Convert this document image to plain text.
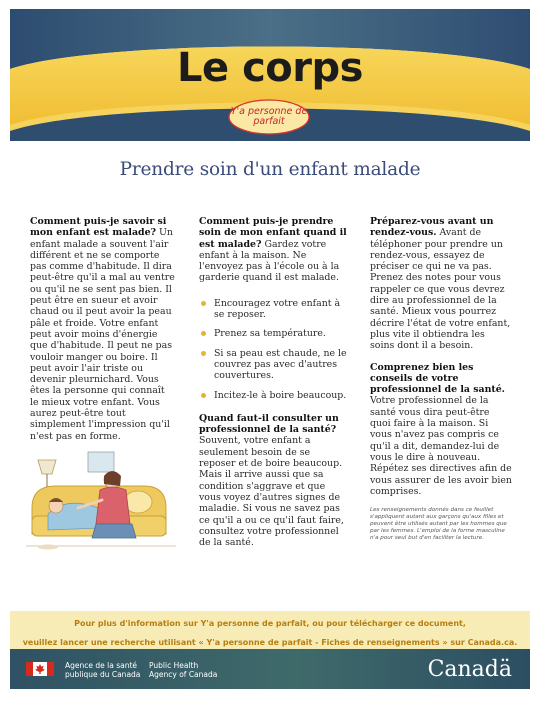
Le corps
Y'a personne de parfait
Prendre soin d'un enfant malade

Comment puis-je savoir si mon enfant est malade? Un enfant malade a souvent l'air différent et ne se comporte pas comme d'habitude. Il dira peut-être qu'il a mal au ventre ou qu'il ne se sent pas bien. Il peut être en sueur et avoir chaud ou il peut avoir la peau pâle et froide. Votre enfant peut avoir moins d'énergie que d'habitude. Il peut ne pas vouloir manger ou boire. Il peut avoir l'air triste ou devenir pleurnichard. Vous êtes la personne qui connaît le mieux votre enfant. Vous aurez peut-être tout simplement l'impression qu'il n'est pas en forme.

Comment puis-je prendre soin de mon enfant quand il est malade? Gardez votre enfant à la maison. Ne l'envoyez pas à l'école ou à la garderie quand il est malade.

Encouragez votre enfant à se reposer.
Prenez sa température.
Si sa peau est chaude, ne le couvrez pas avec d'autres couvertures.
Incitez-le à boire beaucoup.

Quand faut-il consulter un professionnel de la santé? Souvent, votre enfant a seulement besoin de se reposer et de boire beaucoup. Mais il arrive aussi que sa condition s'aggrave et que vous voyez d'autres signes de maladie. Si vous ne savez pas ce qu'il a ou ce qu'il faut faire, consultez votre professionnel de la santé.

Préparez-vous avant un rendez-vous. Avant de téléphoner pour prendre un rendez-vous, essayez de préciser ce qui ne va pas. Prenez des notes pour vous rappeler ce que vous devrez dire au professionnel de la santé. Mieux vous pourrez décrire l'état de votre enfant, plus vite il obtiendra les soins dont il a besoin.

Comprenez bien les conseils de votre professionnel de la santé. Votre professionnel de la santé vous dira peut-être quoi faire à la maison. Si vous n'avez pas compris ce qu'il a dit, demandez-lui de vous le dire à nouveau. Répétez ses directives afin de vous assurer de les avoir bien comprises.

Les renseignements donnés dans ce feuillet s'appliquent autant aux garçons qu'aux filles et peuvent être utilisés autant par les hommes que par les femmes. L'emploi de la forme masculine n'a pour seul but d'en faciliter la lecture.
Pour plus d'information sur Y'a personne de parfait, ou pour télécharger ce document,
veuillez lancer une recherche utilisant « Y'a personne de parfait - Fiches de renseignements » sur Canada.ca.
Agence de la santé
publique du Canada
Public Health
Agency of Canada	Canadä
